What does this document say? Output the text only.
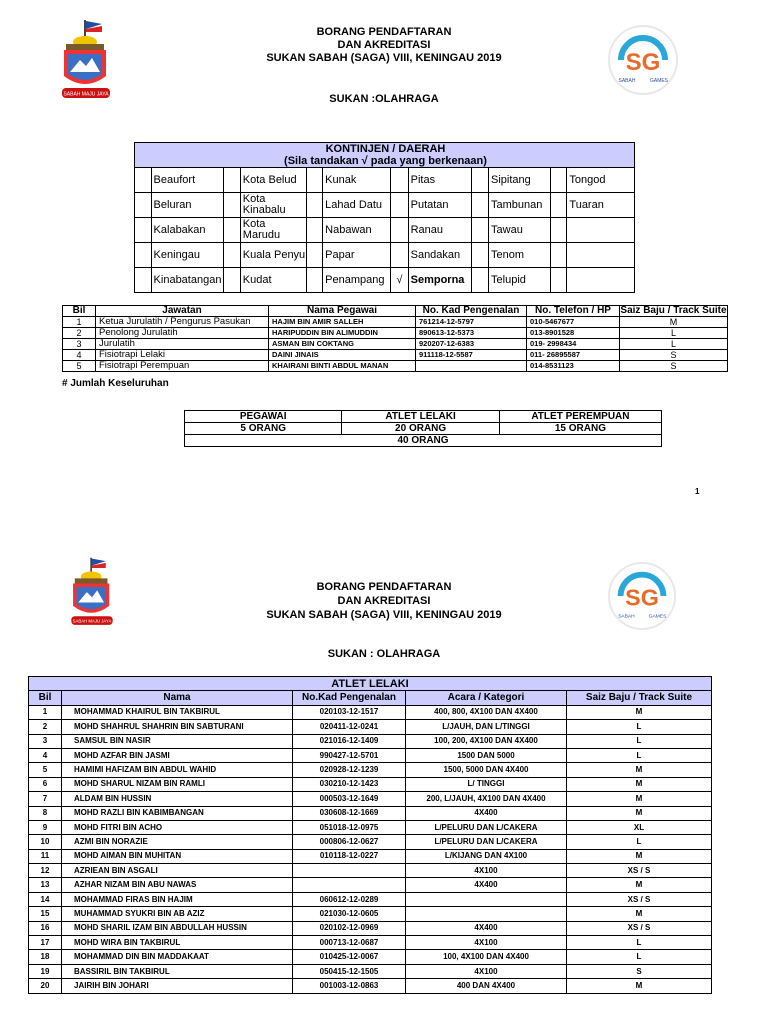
SABAH MAJU JAYA
BORANG PENDAFTARAN
DAN AKREDITASI
SUKAN SABAH (SAGA) VIII, KENINGAU 2019	SG
SABAH	GAMES
SUKAN :OLAHRAGA
KONTINJEN / DAERAH
(Sila tandakan √ pada yang berkenaan)											

	Beaufort		Kota Belud		Kunak		Pitas		Sipitang		Tongod
	Beluran		Kota Kinabalu		Lahad Datu		Putatan		Tambunan		Tuaran
	Kalabakan		Kota Marudu		Nabawan		Ranau		Tawau		
	Keningau		Kuala Penyu		Papar		Sandakan		Tenom		
	Kinabatangan		Kudat		Penampang	√	Semporna		Telupid		
Bil	Jawatan	Nama Pegawai	No. Kad Pengenalan	No. Telefon / HP	Saiz Baju / Track Suite
1	Ketua Jurulatih / Pengurus Pasukan	HAJIM BIN AMIR SALLEH	761214-12-5797	010-5467677	M
2	Penolong Jurulatih	HARIPUDDIN BIN ALIMUDDIN	890613-12-5373	013-8901528	L
3	Jurulatih	ASMAN BIN COKTANG	920207-12-6383	019- 2998434	L
4	Fisiotrapi Lelaki	DAINI JINAIS	911118-12-5587	011- 26895587	S
5	Fisiotrapi Perempuan	KHAIRANI BINTI ABDUL MANAN		014-8531123	S
# Jumlah Keseluruhan
PEGAWAI	ATLET LELAKI	ATLET PEREMPUAN
5 ORANG	20 ORANG	15 ORANG
40 ORANG		
1
SABAH MAJU JAYA
BORANG PENDAFTARAN
DAN AKREDITASI
SUKAN SABAH (SAGA) VIII, KENINGAU 2019
SG
SABAH	GAMES
SUKAN : OLAHRAGA
ATLET LELAKI				
Bil	Nama	No.Kad Pengenalan	Acara / Kategori	Saiz Baju / Track Suite
1	MOHAMMAD KHAIRUL BIN TAKBIRUL	020103-12-1517	400, 800, 4X100 DAN 4X400	M
2	MOHD SHAHRUL SHAHRIN BIN SABTURANI	020411-12-0241	L/JAUH, DAN L/TINGGI	L
3	SAMSUL BIN NASIR	021016-12-1409	100, 200, 4X100 DAN 4X400	L
4	MOHD AZFAR BIN JASMI	990427-12-5701	1500 DAN 5000	L
5	HAMIMI HAFIZAM BIN ABDUL WAHID	020928-12-1239	1500, 5000 DAN 4X400	M
6	MOHD SHARUL NIZAM BIN RAMLI	030210-12-1423	L/ TINGGI	M
7	ALDAM BIN HUSSIN	000503-12-1649	200, L/JAUH, 4X100 DAN 4X400	M
8	MOHD RAZLI BIN KABIMBANGAN	030608-12-1669	4X400	M
9	MOHD FITRI BIN ACHO	051018-12-0975	L/PELURU DAN L/CAKERA	XL
10	AZMI BIN NORAZIE	000806-12-0627	L/PELURU DAN L/CAKERA	L
11	MOHD AIMAN BIN MUHITAN	010118-12-0227	L/KIJANG DAN 4X100	M
12	AZRIEAN BIN ASGALI		4X100	XS / S
13	AZHAR NIZAM BIN ABU NAWAS		4X400	M
14	MOHAMMAD FIRAS BIN HAJIM	060612-12-0289		XS / S
15	MUHAMMAD SYUKRI BIN AB AZIZ	021030-12-0605		M
16	MOHD SHARIL IZAM BIN ABDULLAH HUSSIN	020102-12-0969	4X400	XS / S
17	MOHD WIRA BIN TAKBIRUL	000713-12-0687	4X100	L
18	MOHAMMAD DIN BIN MADDAKAAT	010425-12-0067	100, 4X100 DAN 4X400	L
19	BASSIRIL BIN TAKBIRUL	050415-12-1505	4X100	S
20	JAIRIH BIN JOHARI	001003-12-0863	400 DAN 4X400	M
